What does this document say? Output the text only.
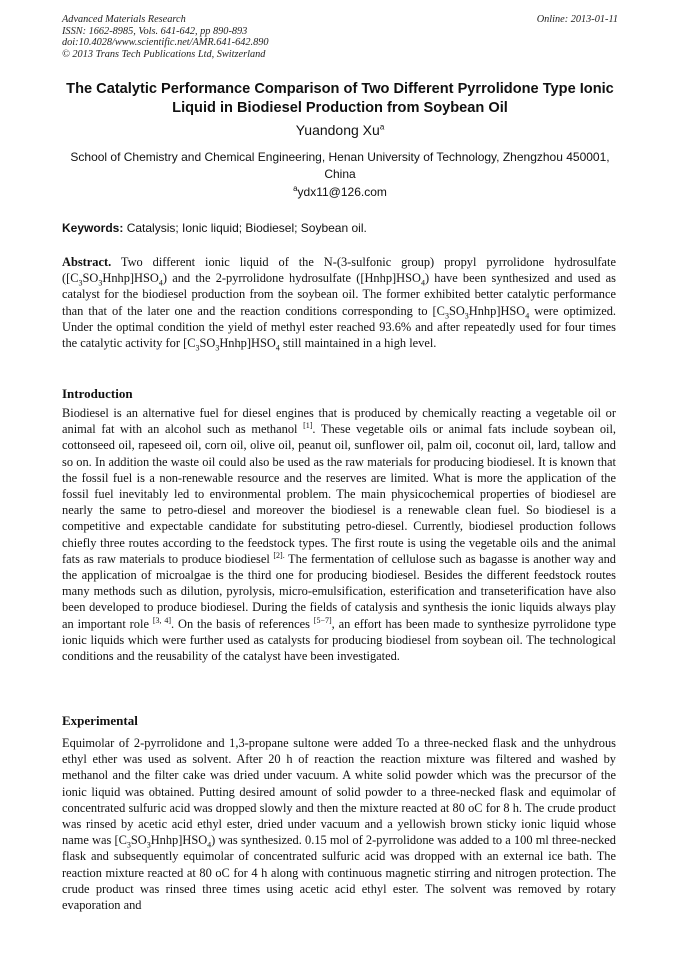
Advanced Materials Research
ISSN: 1662-8985, Vols. 641-642, pp 890-893
doi:10.4028/www.scientific.net/AMR.641-642.890
© 2013 Trans Tech Publications Ltd, Switzerland
Online: 2013-01-11
The Catalytic Performance Comparison of Two Different Pyrrolidone Type Ionic Liquid in Biodiesel Production from Soybean Oil
Yuandong Xu$^a$
School of Chemistry and Chemical Engineering, Henan University of Technology, Zhengzhou 450001, China
$^a$ydx11@126.com
Keywords: Catalysis; Ionic liquid; Biodiesel; Soybean oil.
Abstract. Two different ionic liquid of the N-(3-sulfonic group) propyl pyrrolidone hydrosulfate $([C_3SO_3Hnhp]HSO_4)$ and the 2-pyrrolidone hydrosulfate $([Hnhp]HSO_4)$ have been synthesized and used as catalyst for the biodiesel production from the soybean oil. The former exhibited better catalytic performance than that of the later one and the reaction conditions corresponding to $[C_3SO_3Hnhp]HSO_4$ were optimized. Under the optimal condition the yield of methyl ester reached 93.6% and after repeatedly used for four times the catalytic activity for $[C_3SO_3Hnhp]HSO_4$ still maintained in a high level.
Introduction
Biodiesel is an alternative fuel for diesel engines that is produced by chemically reacting a vegetable oil or animal fat with an alcohol such as methanol [1]. These vegetable oils or animal fats include soybean oil, cottonseed oil, rapeseed oil, corn oil, olive oil, peanut oil, sunflower oil, palm oil, coconut oil, lard, tallow and so on. In addition the waste oil could also be used as the raw materials for producing biodiesel. It is known that the fossil fuel is a non-renewable resource and the reserves are limited. What is more the application of the fossil fuel inevitably led to environmental problem. The main physicochemical properties of biodiesel are nearly the same to petro-diesel and moreover the biodiesel is a renewable clean fuel. So biodiesel is a competitive and expectable candidate for substituting petro-diesel. Currently, biodiesel production follows chiefly three routes according to the feedstock types. The first route is using the vegetable oils and the animal fats as raw materials to produce biodiesel $^{[2].}$ The fermentation of cellulose such as bagasse is another way and the application of microalgae is the third one for producing biodiesel. Besides the different feedstock routes many methods such as dilution, pyrolysis, micro-emulsification, esterification and transeterification have also been developed to produce biodiesel. During the fields of catalysis and synthesis the ionic liquids always play an important role [3, 4]. On the basis of references [5−7], an effort has been made to synthesize pyrrolidone type ionic liquids which were further used as catalysts for producing biodiesel from soybean oil. The technological conditions and the reusability of the catalyst have been investigated.
Experimental
Equimolar of 2-pyrrolidone and 1,3-propane sultone were added To a three-necked flask and the unhydrous ethyl ether was used as solvent. After 20 h of reaction the reaction mixture was filtered and washed by methanol and the filter cake was dried under vacuum. A white solid powder which was the precursor of the ionic liquid was obtained. Putting desired amount of solid powder to a three-necked flask and equimolar of concentrated sulfuric acid was dropped slowly and then the mixture reacted at 80 oC for 8 h. The crude product was rinsed by acetic acid ethyl ester, dried under vacuum and a yellowish brown sticky ionic liquid whose name was $[C_3SO_3Hnhp]HSO_4$) was synthesized. 0.15 mol of 2-pyrrolidone was added to a 100 ml three-necked flask and subsequently equimolar of concentrated sulfuric acid was dropped with an external ice bath. The reaction mixture reacted at 80 oC for 4 h along with continuous magnetic stirring and nitrogen protection. The crude product was rinsed three times using acetic acid ethyl ester. The solvent was removed by rotary evaporation and
